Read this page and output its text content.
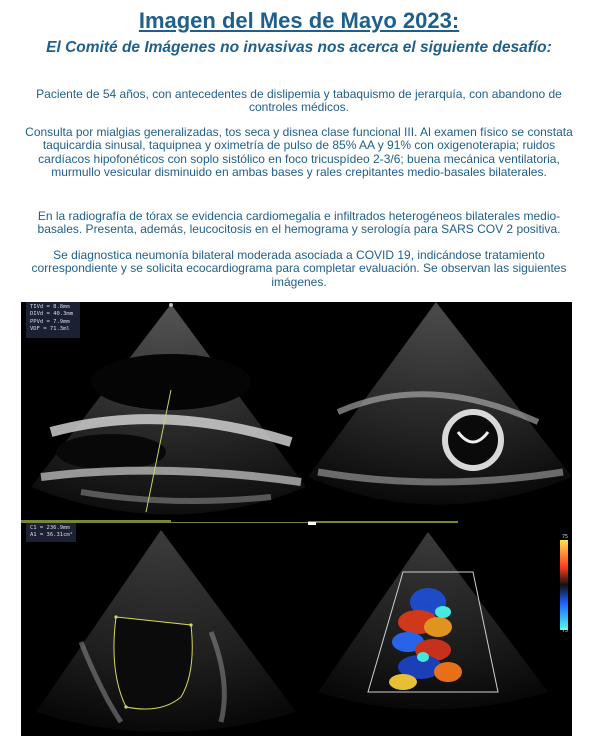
Imagen del Mes de Mayo 2023:
El Comité de Imágenes no invasivas nos acerca el siguiente desafío:
Paciente de 54 años, con antecedentes de dislipemia y tabaquismo de jerarquía, con abandono de controles médicos.
Consulta por mialgias generalizadas, tos seca y disnea clase funcional III. Al examen físico se constata taquicardia sinusal, taquipnea y oximetría de pulso de 85% AA y 91% con oxigenoterapia; ruidos cardíacos hipofonéticos con soplo sistólico en foco tricuspídeo 2-3/6; buena mecánica ventilatoria, murmullo vesicular disminuido en ambas bases y rales crepitantes medio-basales bilaterales.
En la radiografía de tórax se evidencia cardiomegalia e infiltrados heterogéneos bilaterales medio-basales. Presenta, además, leucocitosis en el hemograma y serología para SARS COV 2 positiva.
Se diagnostica neumonía bilateral moderada asociada a COVID 19, indicándose tratamiento correspondiente y se solicita ecocardiograma para completar evaluación. Se observan las siguientes imágenes.
TIVd = 8.8mm
DIVd = 40.3mm
PPVd = 7.9mm
VDF = 71.3ml
C1 = 236.9mm
A1 = 36.31cm²	75
75
